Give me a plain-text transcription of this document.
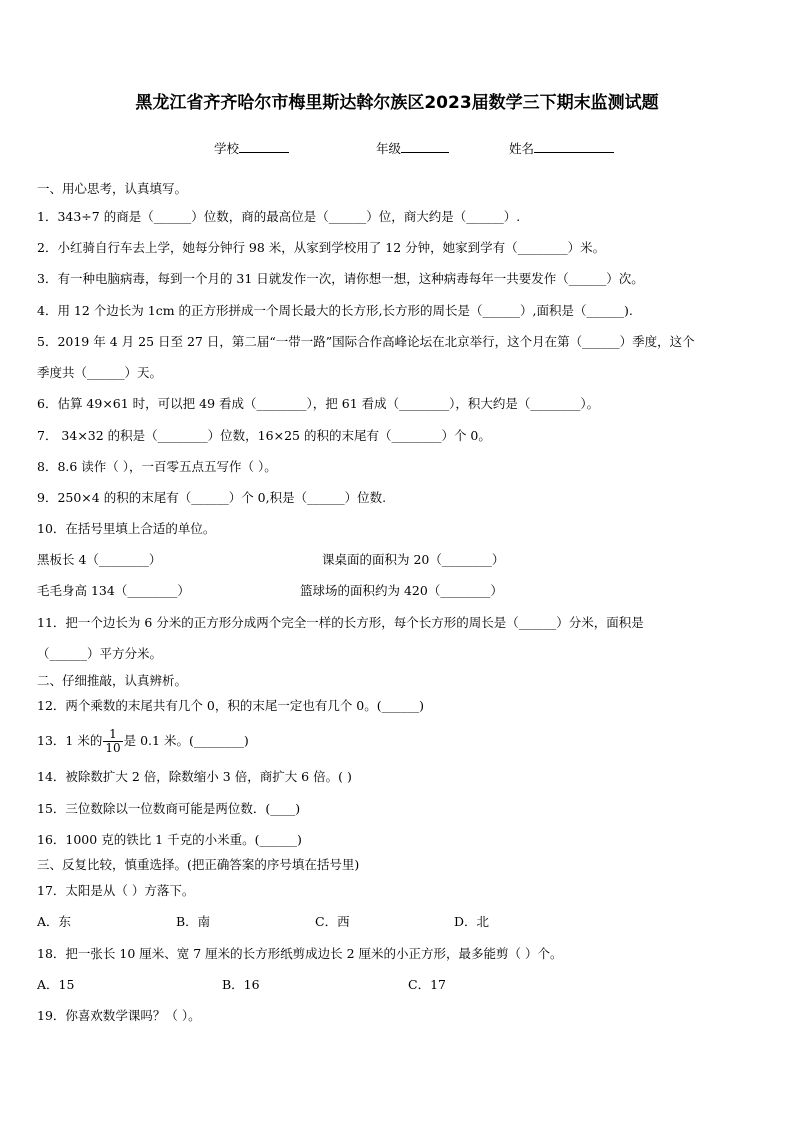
黑龙江省齐齐哈尔市梅里斯达斡尔族区2023届数学三下期末监测试题
学校	年级	姓名
一、用心思考，认真填写。
1．343÷7 的商是（______）位数，商的最高位是（______）位，商大约是（______）.
2．小红骑自行车去上学，她每分钟行 98 米，从家到学校用了 12 分钟，她家到学有（________）米。
3．有一种电脑病毒，每到一个月的 31 日就发作一次，请你想一想，这种病毒每年一共要发作（______）次。
4．用 12 个边长为 1cm 的正方形拼成一个周长最大的长方形,长方形的周长是（______）,面积是（______).
5．2019 年 4 月 25 日至 27 日，第二届“一带一路”国际合作高峰论坛在北京举行，这个月在第（______）季度，这个
季度共（______）天。
6．估算 49×61 时，可以把 49 看成（________），把 61 看成（________），积大约是（________）。
7． 34×32 的积是（________）位数，16×25 的积的末尾有（________）个 0。
8．8.6 读作（ ），一百零五点五写作（ ）。
9．250×4 的积的末尾有（______）个 0,积是（______）位数.
10．在括号里填上合适的单位。
黑板长 4（________）	课桌面的面积为 20（________）
毛毛身高 134（________）	篮球场的面积约为 420（________）
11．把一个边长为 6 分米的正方形分成两个完全一样的长方形，每个长方形的周长是（______）分米，面积是
（______）平方分米。
二、仔细推敲，认真辨析。
12．两个乘数的末尾共有几个 0，积的末尾一定也有几个 0。(______)
13．1 米的 $\frac{1}{10}$ 是 0.1 米。(________)
14．被除数扩大 2 倍，除数缩小 3 倍，商扩大 6 倍。( )
15．三位数除以一位数商可能是两位数．(____)
16．1000 克的铁比 1 千克的小米重。(______)
三、反复比较，慎重选择。(把正确答案的序号填在括号里)
17．太阳是从（ ）方落下。
A．东	B．南	C．西	D．北
18．把一张长 10 厘米、宽 7 厘米的长方形纸剪成边长 2 厘米的小正方形，最多能剪（ ）个。
A．15	B．16	C．17
19．你喜欢数学课吗？（ ）。
